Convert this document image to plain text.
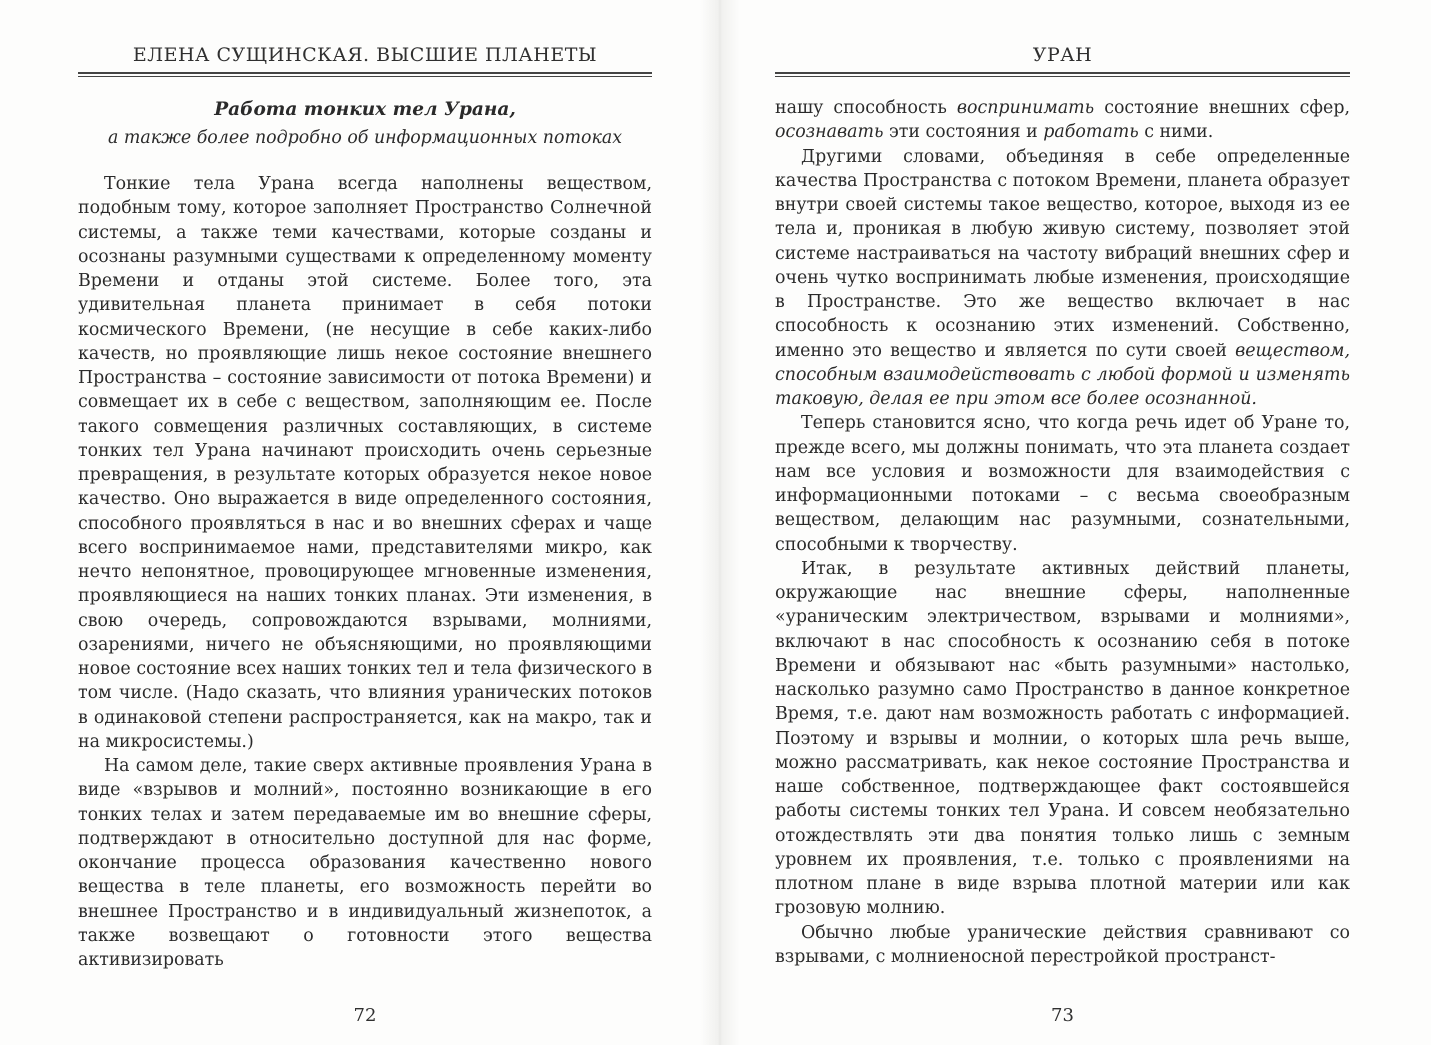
ЕЛЕНА СУЩИНСКАЯ. ВЫСШИЕ ПЛАНЕТЫ
Работа тонких тел Урана,
а также более подробно об информационных потоках

Тонкие тела Урана всегда наполнены веществом, подобным тому, которое заполняет Пространство Солнечной системы, а также теми качествами, которые созданы и осознаны разумными существами к определенному моменту Времени и отданы этой системе. Более того, эта удивительная планета принимает в себя потоки космического Времени, (не несущие в себе каких-либо качеств, но проявляющие лишь некое состояние внешнего Пространства – состояние зависимости от потока Времени) и совмещает их в себе с веществом, заполняющим ее. После такого совмещения различных составляющих, в системе тонких тел Урана начинают происходить очень серьезные превращения, в результате которых образуется некое новое качество. Оно выражается в виде определенного состояния, способного проявляться в нас и во внешних сферах и чаще всего воспринимаемое нами, представителями микро, как нечто непонятное, провоцирующее мгновенные изменения, проявляющиеся на наших тонких планах. Эти изменения, в свою очередь, сопровождаются взрывами, молниями, озарениями, ничего не объясняющими, но проявляющими новое состояние всех наших тонких тел и тела физического в том числе. (Надо сказать, что влияния уранических потоков в одинаковой степени распространяется, как на макро, так и на микросистемы.)

На самом деле, такие сверх активные проявления Урана в виде «взрывов и молний», постоянно возникающие в его тонких телах и затем передаваемые им во внешние сферы, подтверждают в относительно доступной для нас форме, окончание процесса образования качественно нового вещества в теле планеты, его возможность перейти во внешнее Пространство и в индивидуальный жизнепоток, а также возвещают о готовности этого вещества активизировать

72
УРАН

нашу способность воспринимать состояние внешних сфер, осознавать эти состояния и работать с ними.

Другими словами, объединяя в себе определенные качества Пространства с потоком Времени, планета образует внутри своей системы такое вещество, которое, выходя из ее тела и, проникая в любую живую систему, позволяет этой системе настраиваться на частоту вибраций внешних сфер и очень чутко воспринимать любые изменения, происходящие в Пространстве. Это же вещество включает в нас способность к осознанию этих изменений. Собственно, именно это вещество и является по сути своей веществом, способным взаимодействовать с любой формой и изменять таковую, делая ее при этом все более осознанной.

Теперь становится ясно, что когда речь идет об Уране то, прежде всего, мы должны понимать, что эта планета создает нам все условия и возможности для взаимодействия с информационными потоками – с весьма своеобразным веществом, делающим нас разумными, сознательными, способными к творчеству.

Итак, в результате активных действий планеты, окружающие нас внешние сферы, наполненные «ураническим электричеством, взрывами и молниями», включают в нас способность к осознанию себя в потоке Времени и обязывают нас «быть разумными» настолько, насколько разумно само Пространство в данное конкретное Время, т.е. дают нам возможность работать с информацией. Поэтому и взрывы и молнии, о которых шла речь выше, можно рассматривать, как некое состояние Пространства и наше собственное, подтверждающее факт состоявшейся работы системы тонких тел Урана. И совсем необязательно отождествлять эти два понятия только лишь с земным уровнем их проявления, т.е. только с проявлениями на плотном плане в виде взрыва плотной материи или как грозовую молнию.

Обычно любые уранические действия сравнивают со взрывами, с молниеносной перестройкой пространст-

73
